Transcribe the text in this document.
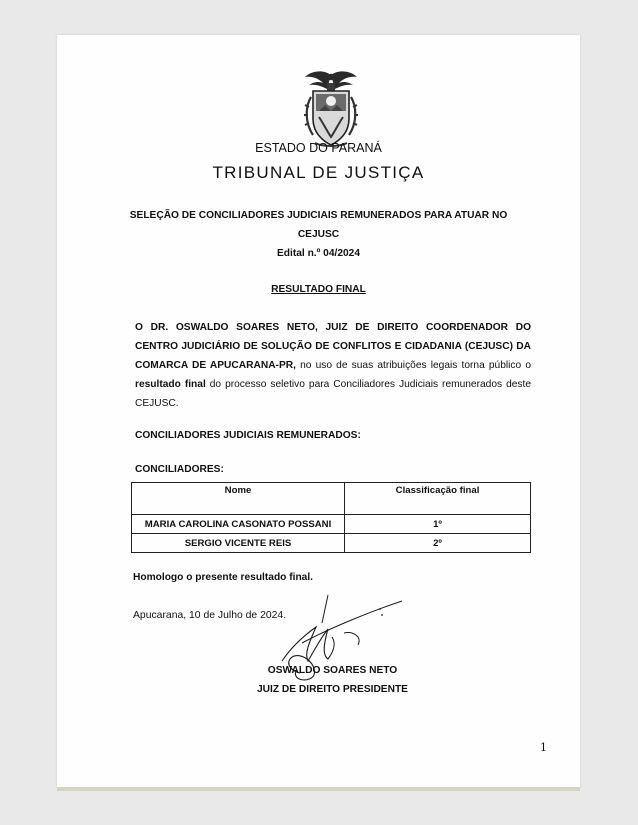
ESTADO DO PARANÁ
TRIBUNAL DE JUSTIÇA
SELEÇÃO DE CONCILIADORES JUDICIAIS REMUNERADOS PARA ATUAR NO
CEJUSC
Edital n.º 04/2024
RESULTADO FINAL
O DR. OSWALDO SOARES NETO, JUIZ DE DIREITO COORDENADOR DO CENTRO JUDICIÁRIO DE SOLUÇÃO DE CONFLITOS E CIDADANIA (CEJUSC) DA COMARCA DE APUCARANA-PR, no uso de suas atribuições legais torna público o resultado final do processo seletivo para Conciliadores Judiciais remunerados deste CEJUSC.
CONCILIADORES JUDICIAIS REMUNERADOS:
CONCILIADORES:
Nome	Classificação final
MARIA CAROLINA CASONATO POSSANI	1º
SERGIO VICENTE REIS	2º
Homologo o presente resultado final.
Apucarana, 10 de Julho de 2024.
OSWALDO SOARES NETO
JUIZ DE DIREITO PRESIDENTE
1
